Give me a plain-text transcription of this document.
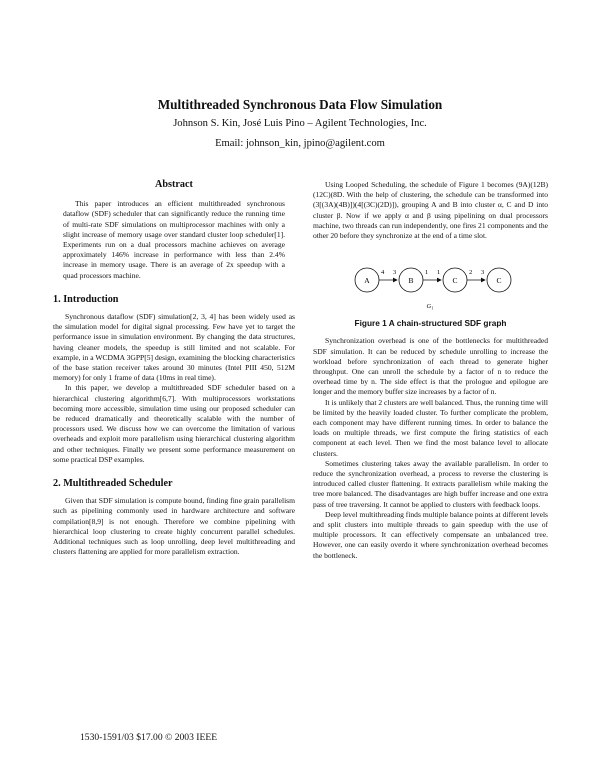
Multithreaded Synchronous Data Flow Simulation
Johnson S. Kin, José Luis Pino – Agilent Technologies, Inc.
Email: johnson_kin, jpino@agilent.com
Abstract

This paper introduces an efficient multithreaded synchronous dataflow (SDF) scheduler that can significantly reduce the running time of multi-rate SDF simulations on multiprocessor machines with only a slight increase of memory usage over standard cluster loop scheduler[1]. Experiments run on a dual processors machine achieves on average approximately 146% increase in performance with less than 2.4% increase in memory usage. There is an average of 2x speedup with a quad processors machine.

1. Introduction

Synchronous dataflow (SDF) simulation[2, 3, 4] has been widely used as the simulation model for digital signal processing. Few have yet to target the performance issue in simulation environment. By changing the data structures, having cleaner models, the speedup is still limited and not scalable. For example, in a WCDMA 3GPP[5] design, examining the blocking characteristics of the base station receiver takes around 30 minutes (Intel PIII 450, 512M memory) for only 1 frame of data (10ms in real time).

In this paper, we develop a multithreaded SDF scheduler based on a hierarchical clustering algorithm[6,7]. With multiprocessors workstations becoming more accessible, simulation time using our proposed scheduler can be reduced dramatically and theoretically scalable with the number of processors used. We discuss how we can overcome the limitation of various overheads and exploit more parallelism using hierarchical clustering algorithm and other techniques. Finally we present some performance measurement on some practical DSP examples.

2. Multithreaded Scheduler

Given that SDF simulation is compute bound, finding fine grain parallelism such as pipelining commonly used in hardware architecture and software compilation[8,9] is not enough. Therefore we combine pipelining with hierarchical loop clustering to create highly concurrent parallel schedules. Additional techniques such as loop unrolling, deep level multithreading and clusters flattening are applied for more parallelism extraction.

Using Looped Scheduling, the schedule of Figure 1 becomes (9A)(12B)(12C)(8D. With the help of clustering, the schedule can be transformed into (3[(3A)(4B)])(4[(3C)(2D)]), grouping A and B into cluster α, C and D into cluster β. Now if we apply α and β using pipelining on dual processors machine, two threads can run independently, one fires 21 components and the other 20 before they synchronize at the end of a time slot.

A	B	C	C
4 3	1 1	2 3
G₁
Figure 1 A chain-structured SDF graph

Synchronization overhead is one of the bottlenecks for multithreaded SDF simulation. It can be reduced by schedule unrolling to increase the workload before synchronization of each thread to generate higher throughput. One can unroll the schedule by a factor of n to reduce the overhead time by n. The side effect is that the prologue and epilogue are longer and the memory buffer size increases by a factor of n.

It is unlikely that 2 clusters are well balanced. Thus, the running time will be limited by the heavily loaded cluster. To further complicate the problem, each component may have different running times. In order to balance the loads on multiple threads, we first compute the firing statistics of each component at each level. Then we find the most balance level to allocate clusters.

Sometimes clustering takes away the available parallelism. In order to reduce the synchronization overhead, a process to reverse the clustering is introduced called cluster flattening. It extracts parallelism while making the tree more balanced. The disadvantages are high buffer increase and one extra pass of tree traversing. It cannot be applied to clusters with feedback loops.

Deep level multithreading finds multiple balance points at different levels and split clusters into multiple threads to gain speedup with the use of multiple processors. It can effectively compensate an unbalanced tree. However, one can easily overdo it where synchronization overhead becomes the bottleneck.

1530-1591/03 $17.00 © 2003 IEEE
